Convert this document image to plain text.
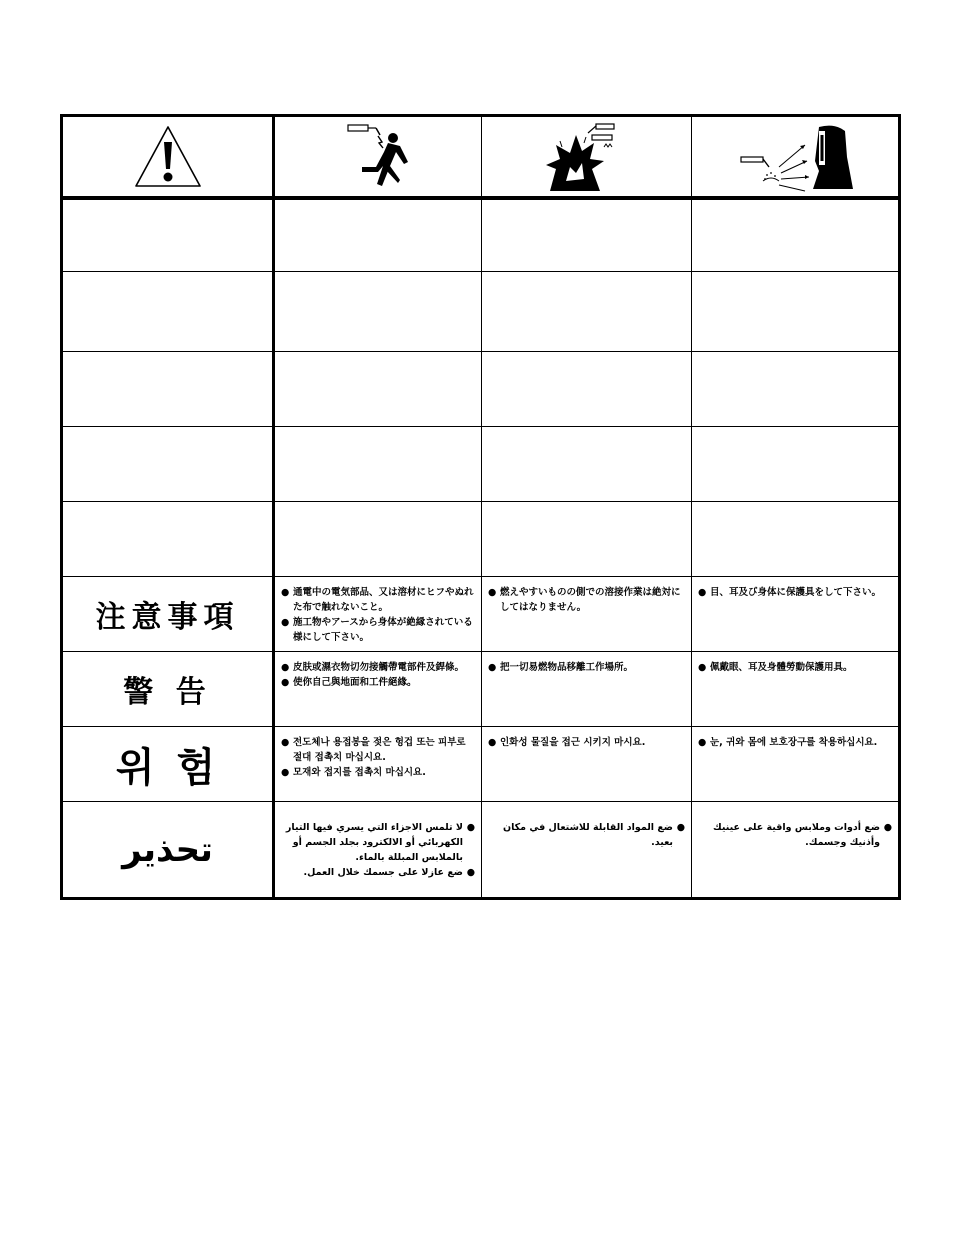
注意事項
● 通電中の電気部品、又は溶材にヒフやぬれた布で触れないこと。
● 施工物やアースから身体が絶縁されている様にして下さい。
● 燃えやすいものの側での溶接作業は絶対にしてはなりません。
● 目、耳及び身体に保護具をして下さい。
警 告
● 皮肤或濕衣物切勿接觸帶電部件及銲條。
● 使你自己與地面和工件絕緣。
● 把一切易燃物品移離工作場所。	● 佩戴眼、耳及身體勞動保護用具。
위 험
● 전도체나 용접봉을 젖은 헝겁 또는 피부로 절대 접촉치 마십시요.
● 모재와 접지를 접촉치 마십시요.
● 인화성 물질을 접근 시키지 마시요.	● 눈, 귀와 몸에 보호장구를 착용하십시요.
تحذير
●
لا تلمس الاجزاء التي يسري فيها التيار الكهربائي أو الالكترود بجلد الجسم أو بالملابس المبللة بالماء.
●
ضع عازلا على جسمك خلال العمل.
●
ضع المواد القابلة للاشتعال في مكان بعيد.
●
ضع أدوات وملابس واقية على عينيك وأذنيك وجسمك.
